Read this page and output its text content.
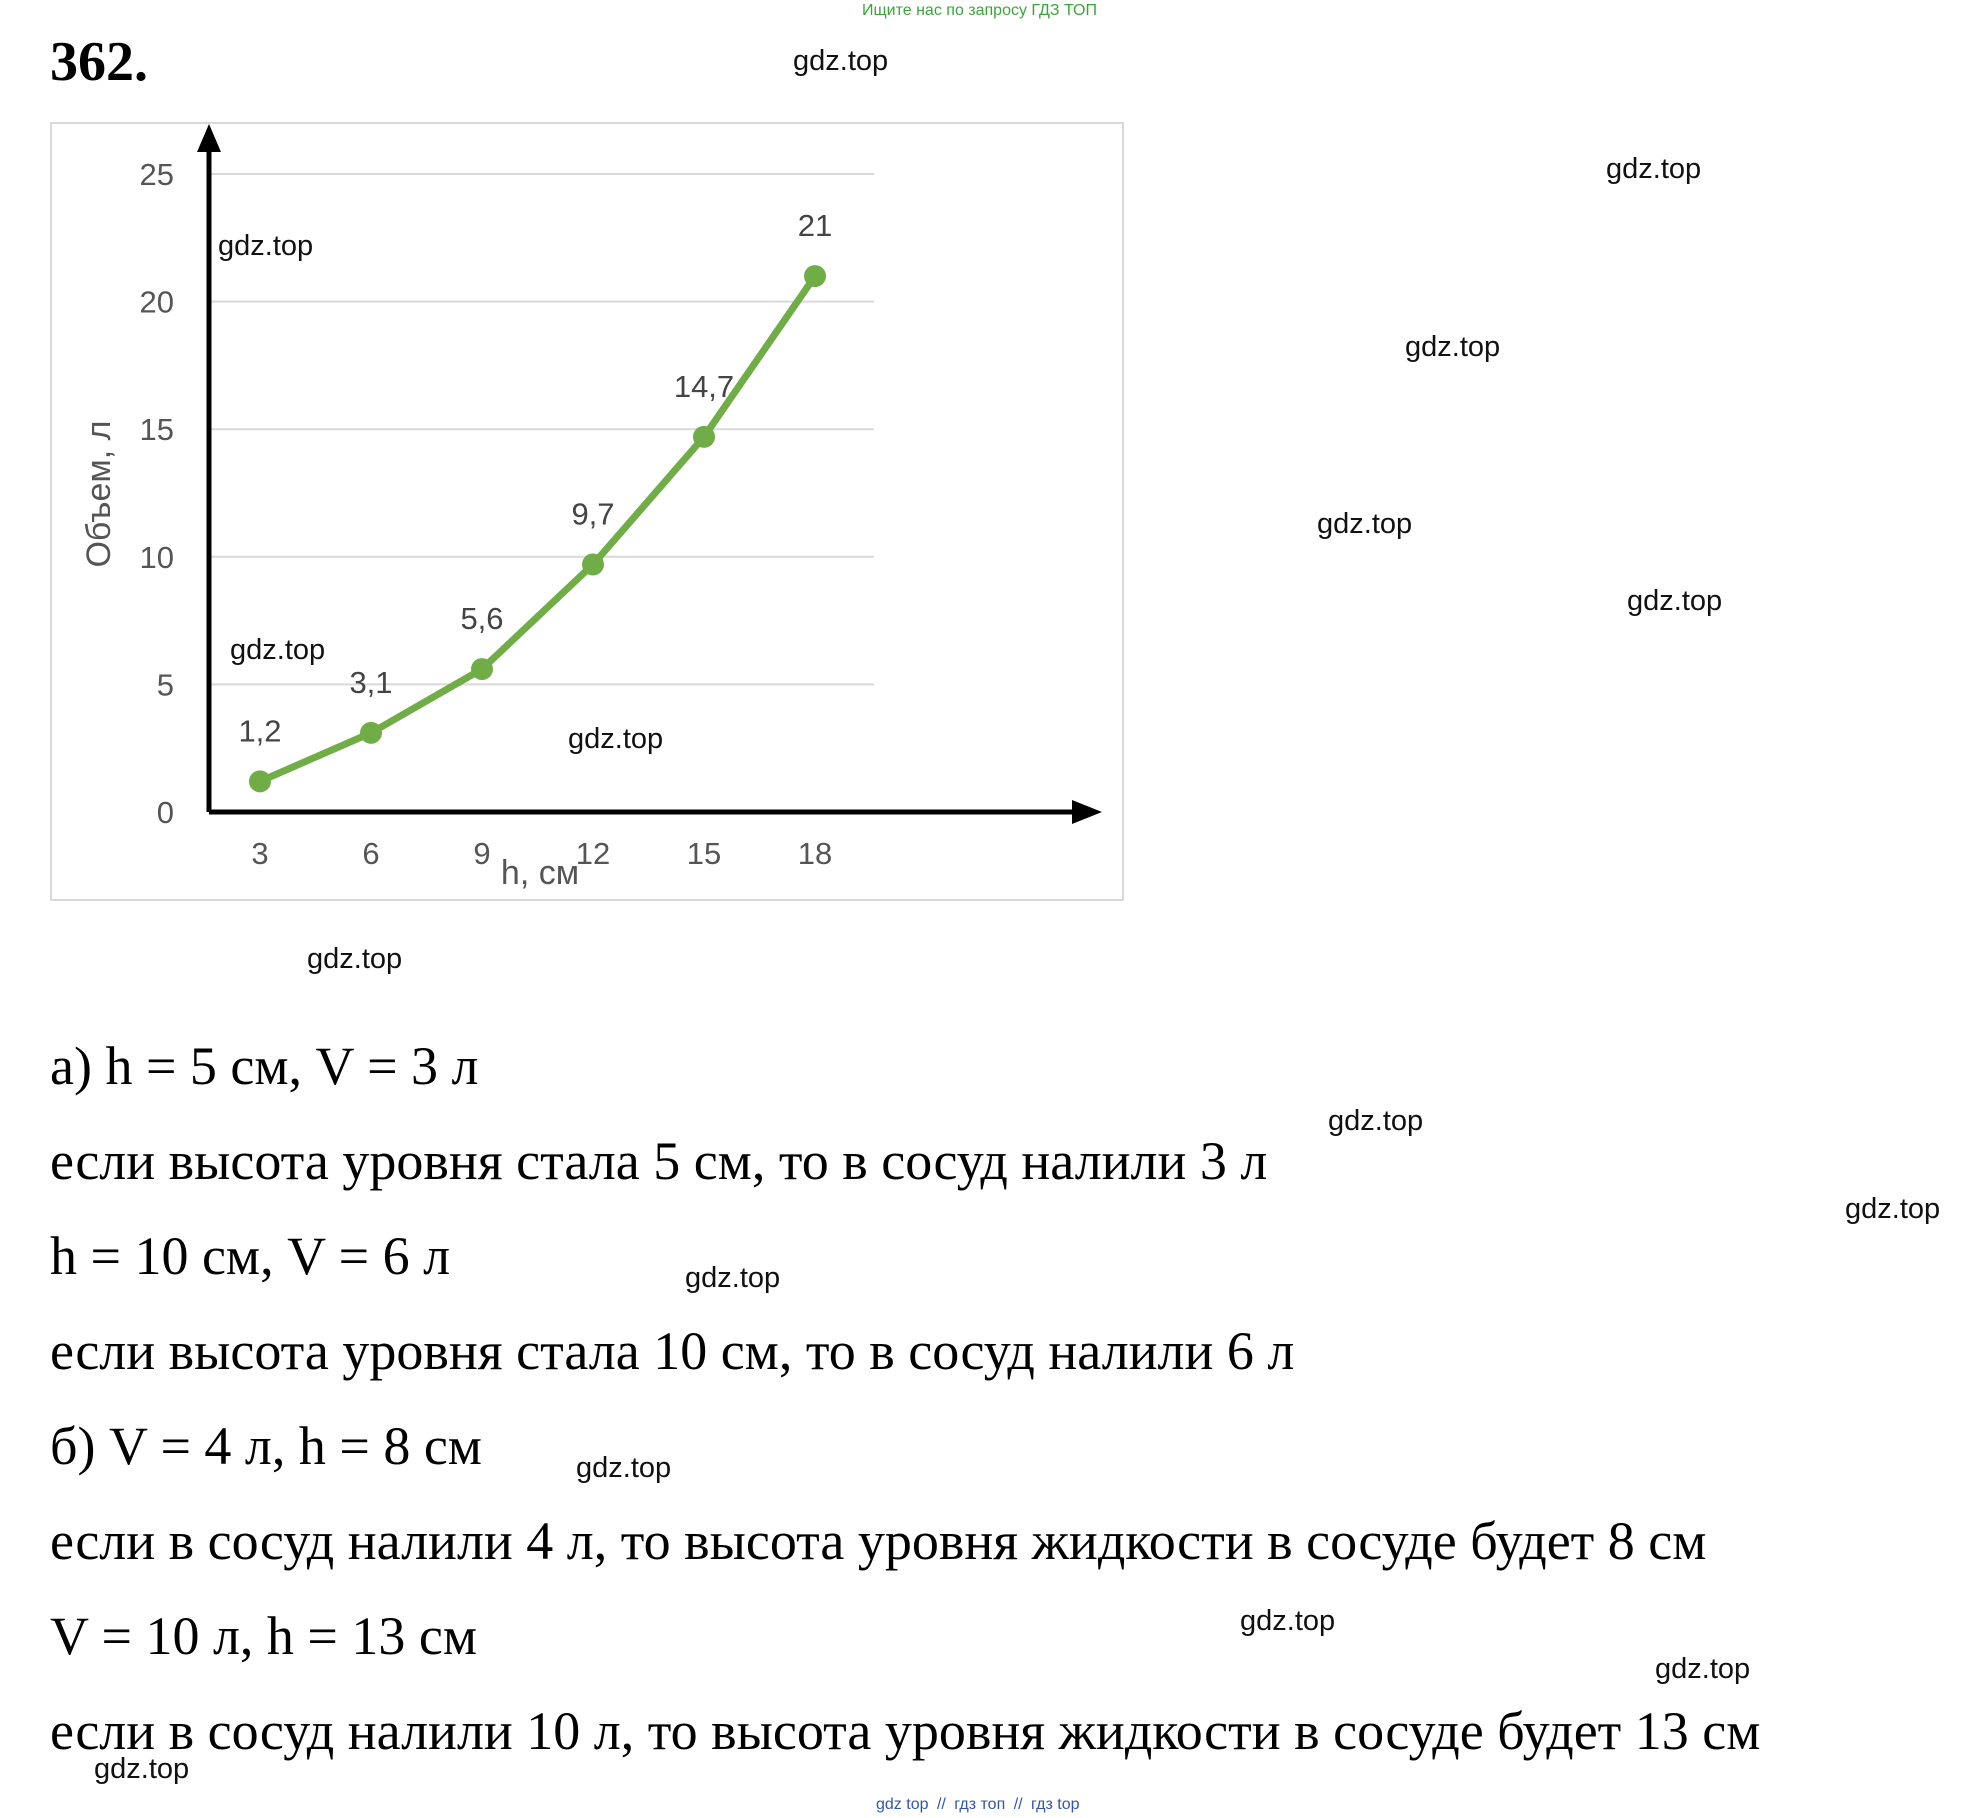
Ищите нас по запросу ГДЗ ТОП
362.
0
5
10
15
20
25
3	6	9	12 15 18
1,2
3,1
5,6
9,7
14,7
21
Объем, л
h, см
gdz.top
gdz.top
gdz.top
gdz.top
gdz.top
gdz.top
gdz.top
gdz.top
gdz.top
gdz.top
gdz.top
gdz.top
gdz.top
gdz.top
gdz.top
gdz.top
а) h = 5 см, V = 3 л
если высота уровня стала 5 см, то в сосуд налили 3 л
h = 10 см, V = 6 л
если высота уровня стала 10 см, то в сосуд налили 6 л
б) V = 4 л, h = 8 см
если в сосуд налили 4 л, то высота уровня жидкости в сосуде будет 8 см
V = 10 л, h = 13 см
если в сосуд налили 10 л, то высота уровня жидкости в сосуде будет 13 см
gdz top // гдз топ // гдз top
